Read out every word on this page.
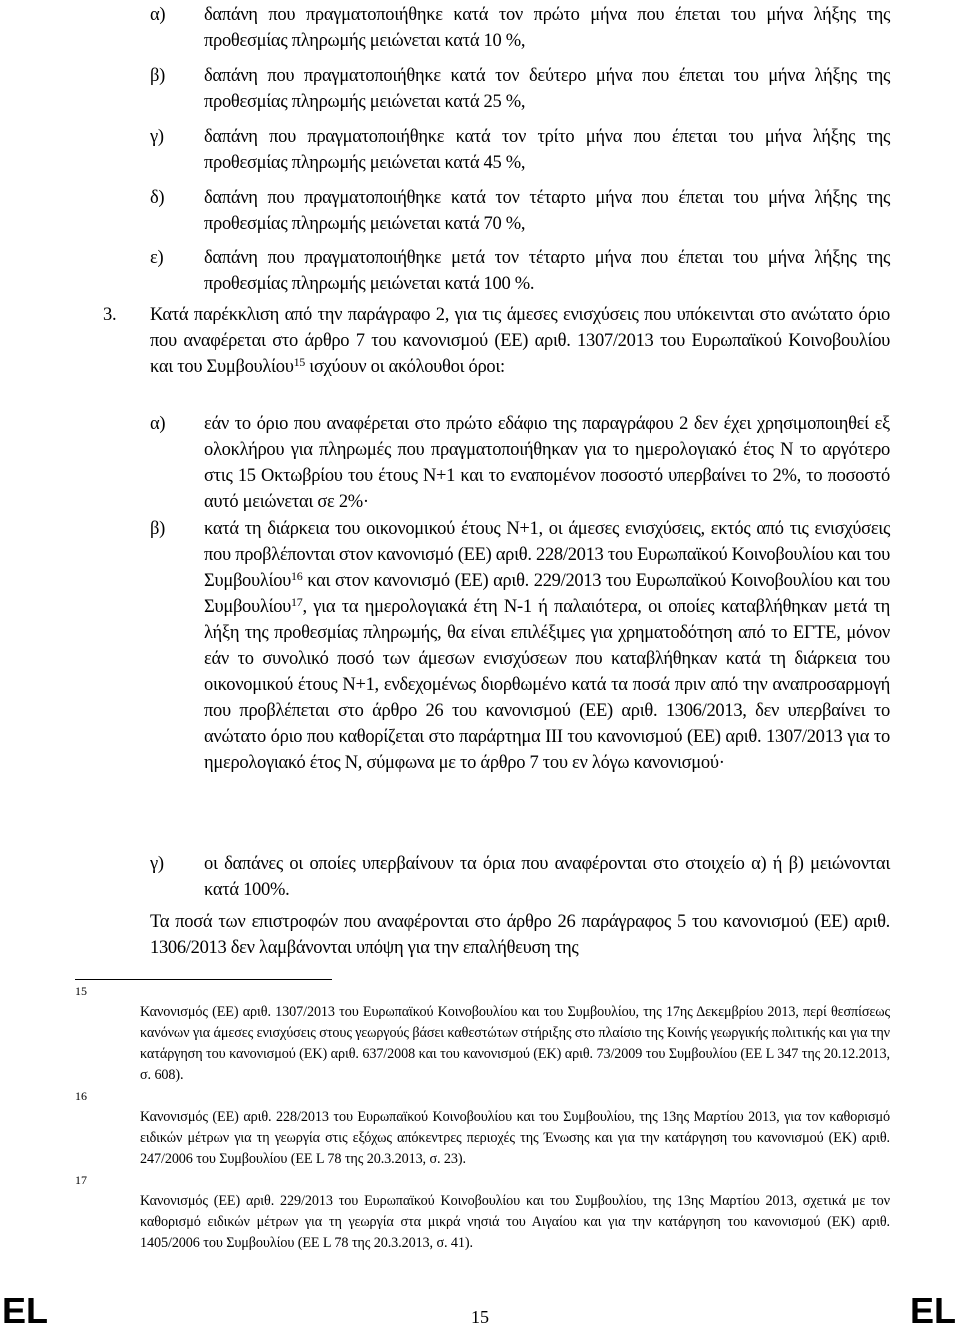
α)	δαπάνη που πραγματοποιήθηκε κατά τον πρώτο μήνα που έπεται του μήνα λήξης της προθεσμίας πληρωμής μειώνεται κατά 10 %,

β)	δαπάνη που πραγματοποιήθηκε κατά τον δεύτερο μήνα που έπεται του μήνα λήξης της προθεσμίας πληρωμής μειώνεται κατά 25 %,

γ)	δαπάνη που πραγματοποιήθηκε κατά τον τρίτο μήνα που έπεται του μήνα λήξης της προθεσμίας πληρωμής μειώνεται κατά 45 %,

δ)	δαπάνη που πραγματοποιήθηκε κατά τον τέταρτο μήνα που έπεται του μήνα λήξης της προθεσμίας πληρωμής μειώνεται κατά 70 %,

ε)	δαπάνη που πραγματοποιήθηκε μετά τον τέταρτο μήνα που έπεται του μήνα λήξης της προθεσμίας πληρωμής μειώνεται κατά 100 %.

3. Κατά παρέκκλιση από την παράγραφο 2, για τις άμεσες ενισχύσεις που υπόκεινται στο ανώτατο όριο που αναφέρεται στο άρθρο 7 του κανονισμού (ΕΕ) αριθ. 1307/2013 του Ευρωπαϊκού Κοινοβουλίου και του Συμβουλίου$^{15}$ ισχύουν οι ακόλουθοι όροι:

α)	εάν το όριο που αναφέρεται στο πρώτο εδάφιο της παραγράφου 2 δεν έχει χρησιμοποιηθεί εξ ολοκλήρου για πληρωμές που πραγματοποιήθηκαν για το ημερολογιακό έτος Ν το αργότερο στις 15 Οκτωβρίου του έτους Ν+1 και το εναπομένον ποσοστό υπερβαίνει το 2%, το ποσοστό αυτό μειώνεται σε 2%·

β)	κατά τη διάρκεια του οικονομικού έτους Ν+1, οι άμεσες ενισχύσεις, εκτός από τις ενισχύσεις που προβλέπονται στον κανονισμό (ΕΕ) αριθ. 228/2013 του Ευρωπαϊκού Κοινοβουλίου και του Συμβουλίου$^{16}$ και στον κανονισμό (ΕΕ) αριθ. 229/2013 του Ευρωπαϊκού Κοινοβουλίου και του Συμβουλίου$^{17}$, για τα ημερολογιακά έτη Ν-1 ή παλαιότερα, οι οποίες καταβλήθηκαν μετά τη λήξη της προθεσμίας πληρωμής, θα είναι επιλέξιμες για χρηματοδότηση από το ΕΓΤΕ, μόνον εάν το συνολικό ποσό των άμεσων ενισχύσεων που καταβλήθηκαν κατά τη διάρκεια του οικονομικού έτους Ν+1, ενδεχομένως διορθωμένο κατά τα ποσά πριν από την αναπροσαρμογή που προβλέπεται στο άρθρο 26 του κανονισμού (ΕΕ) αριθ. 1306/2013, δεν υπερβαίνει το ανώτατο όριο που καθορίζεται στο παράρτημα III του κανονισμού (ΕΕ) αριθ. 1307/2013 για το ημερολογιακό έτος Ν, σύμφωνα με το άρθρο 7 του εν λόγω κανονισμού·

γ)	οι δαπάνες οι οποίες υπερβαίνουν τα όρια που αναφέρονται στο στοιχείο α) ή β) μειώνονται κατά 100%.

Τα ποσά των επιστροφών που αναφέρονται στο άρθρο 26 παράγραφος 5 του κανονισμού (ΕΕ) αριθ. 1306/2013 δεν λαμβάνονται υπόψη για την επαλήθευση της

15

Κανονισμός (ΕΕ) αριθ. 1307/2013 του Ευρωπαϊκού Κοινοβουλίου και του Συμβουλίου, της 17ης Δεκεμβρίου 2013, περί θεσπίσεως κανόνων για άμεσες ενισχύσεις στους γεωργούς βάσει καθεστώτων στήριξης στο πλαίσιο της Κοινής γεωργικής πολιτικής και για την κατάργηση του κανονισμού (ΕΚ) αριθ. 637/2008 και του κανονισμού (ΕΚ) αριθ. 73/2009 του Συμβουλίου (ΕΕ L 347 της 20.12.2013, σ. 608).

16

Κανονισμός (ΕΕ) αριθ. 228/2013 του Ευρωπαϊκού Κοινοβουλίου και του Συμβουλίου, της 13ης Μαρτίου 2013, για τον καθορισμό ειδικών μέτρων για τη γεωργία στις εξόχως απόκεντρες περιοχές της Ένωσης και για την κατάργηση του κανονισμού (ΕΚ) αριθ. 247/2006 του Συμβουλίου (ΕΕ L 78 της 20.3.2013, σ. 23).

17

Κανονισμός (ΕΕ) αριθ. 229/2013 του Ευρωπαϊκού Κοινοβουλίου και του Συμβουλίου, της 13ης Μαρτίου 2013, σχετικά με τον καθορισμό ειδικών μέτρων για τη γεωργία στα μικρά νησιά του Αιγαίου και για την κατάργηση του κανονισμού (ΕΚ) αριθ. 1405/2006 του Συμβουλίου (ΕΕ L 78 της 20.3.2013, σ. 41).

EL	15	EL
